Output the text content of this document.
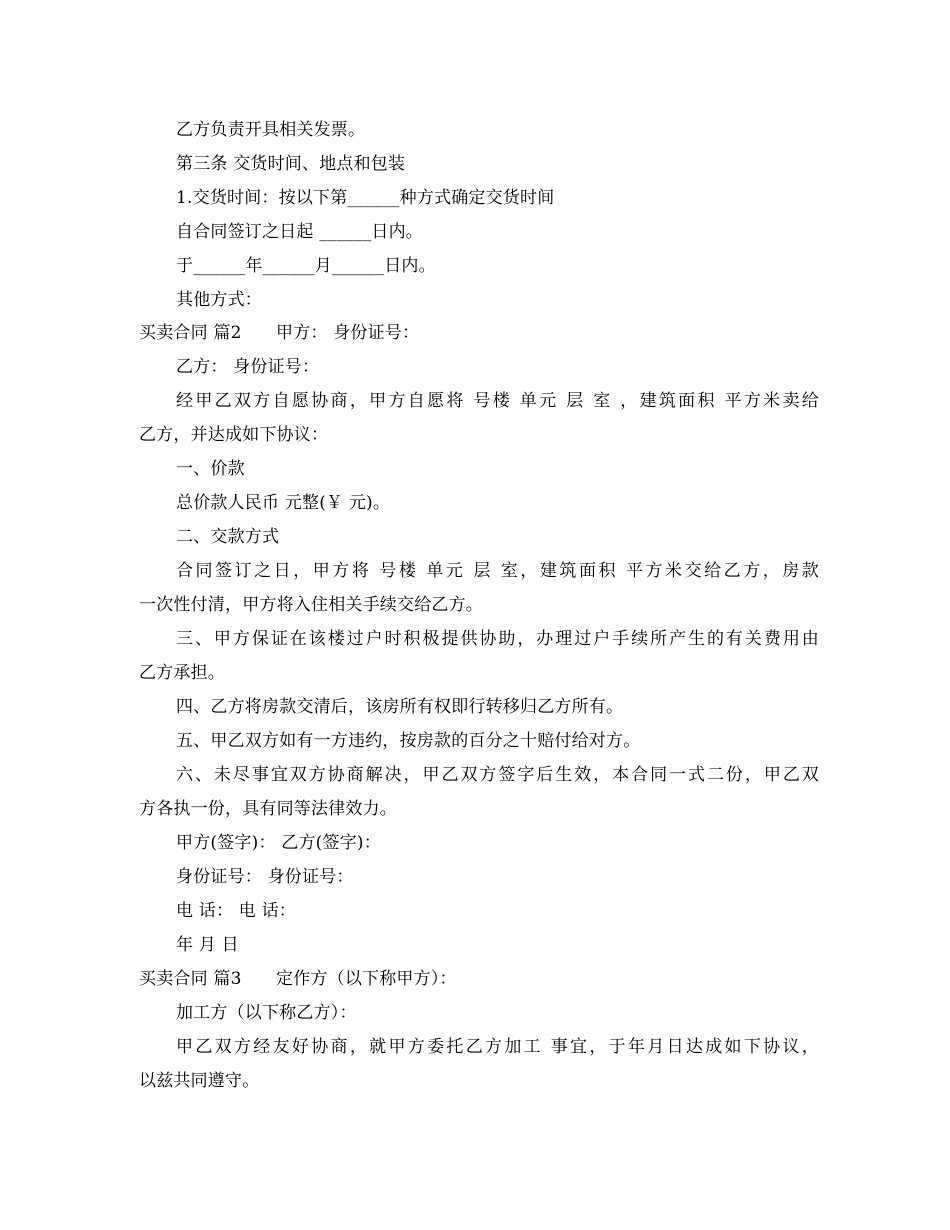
乙方负责开具相关发票。
第三条 交货时间、地点和包装
1.交货时间：按以下第______种方式确定交货时间
自合同签订之日起 ______日内。
于______年______月______日内。
其他方式：
买卖合同 篇2　　甲方： 身份证号：
乙方： 身份证号：
经甲乙双方自愿协商，甲方自愿将 号楼 单元 层 室 ，建筑面积 平方米卖给
乙方，并达成如下协议：
一、价款
总价款人民币 元整(￥ 元)。
二、交款方式
合同签订之日，甲方将 号楼 单元 层 室，建筑面积 平方米交给乙方，房款
一次性付清，甲方将入住相关手续交给乙方。
三、甲方保证在该楼过户时积极提供协助，办理过户手续所产生的有关费用由
乙方承担。
四、乙方将房款交清后，该房所有权即行转移归乙方所有。
五、甲乙双方如有一方违约，按房款的百分之十赔付给对方。
六、未尽事宜双方协商解决，甲乙双方签字后生效，本合同一式二份，甲乙双
方各执一份，具有同等法律效力。
甲方(签字)： 乙方(签字)：
身份证号： 身份证号：
电 话： 电 话：
年 月 日
买卖合同 篇3　　定作方（以下称甲方）：
加工方（以下称乙方）：
甲乙双方经友好协商，就甲方委托乙方加工 事宜，于年月日达成如下协议，
以兹共同遵守。
